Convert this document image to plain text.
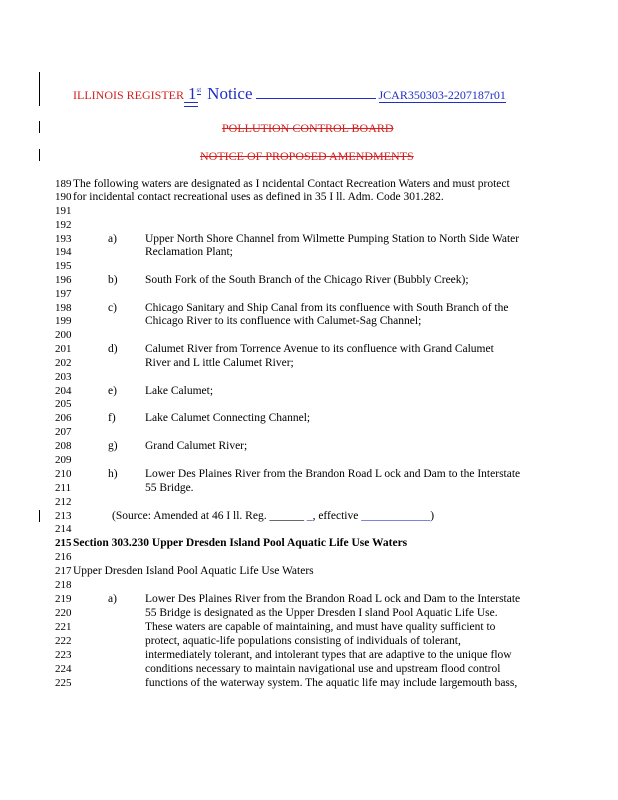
ILLINOIS REGISTER 1st Notice	JCAR350303-2207187r01
POLLUTION CONTROL BOARD
NOTICE OF PROPOSED AMENDMENTS
189 The following waters are designated as I ncidental Contact Recreation Waters and must protect
190 for incidental contact recreational uses as defined in 35 I ll. Adm. Code 301.282.
191
192
195
197
200
203
205
207
209
212
214
216
218
193
194
a) Upper North Shore Channel from Wilmette Pumping Station to North Side Water
Reclamation Plant;
196	b) South Fork of the South Branch of the Chicago River (Bubbly Creek);
198
199
c) Chicago Sanitary and Ship Canal from its confluence with South Branch of the
Chicago River to its confluence with Calumet-Sag Channel;
201
202
d) Calumet River from Torrence Avenue to its confluence with Grand Calumet
River and L ittle Calumet River;
204	e) Lake Calumet;
206	f)	Lake Calumet Connecting Channel;
208	g) Grand Calumet River;
210
211
h) Lower Des Plaines River from the Brandon Road L ock and Dam to the Interstate
55 Bridge.
213	(Source: Amended at 46 I ll. Reg. ______ _, effective ____________)
215 Section 303.230 Upper Dresden Island Pool Aquatic Life Use Waters
217 Upper Dresden Island Pool Aquatic Life Use Waters
a)
219
220
221
222
223
224
225
Lower Des Plaines River from the Brandon Road L ock and Dam to the Interstate
55 Bridge is designated as the Upper Dresden I sland Pool Aquatic Life Use.
These waters are capable of maintaining, and must have quality sufficient to
protect, aquatic-life populations consisting of individuals of tolerant,
intermediately tolerant, and intolerant types that are adaptive to the unique flow
conditions necessary to maintain navigational use and upstream flood control
functions of the waterway system. The aquatic life may include largemouth bass,
